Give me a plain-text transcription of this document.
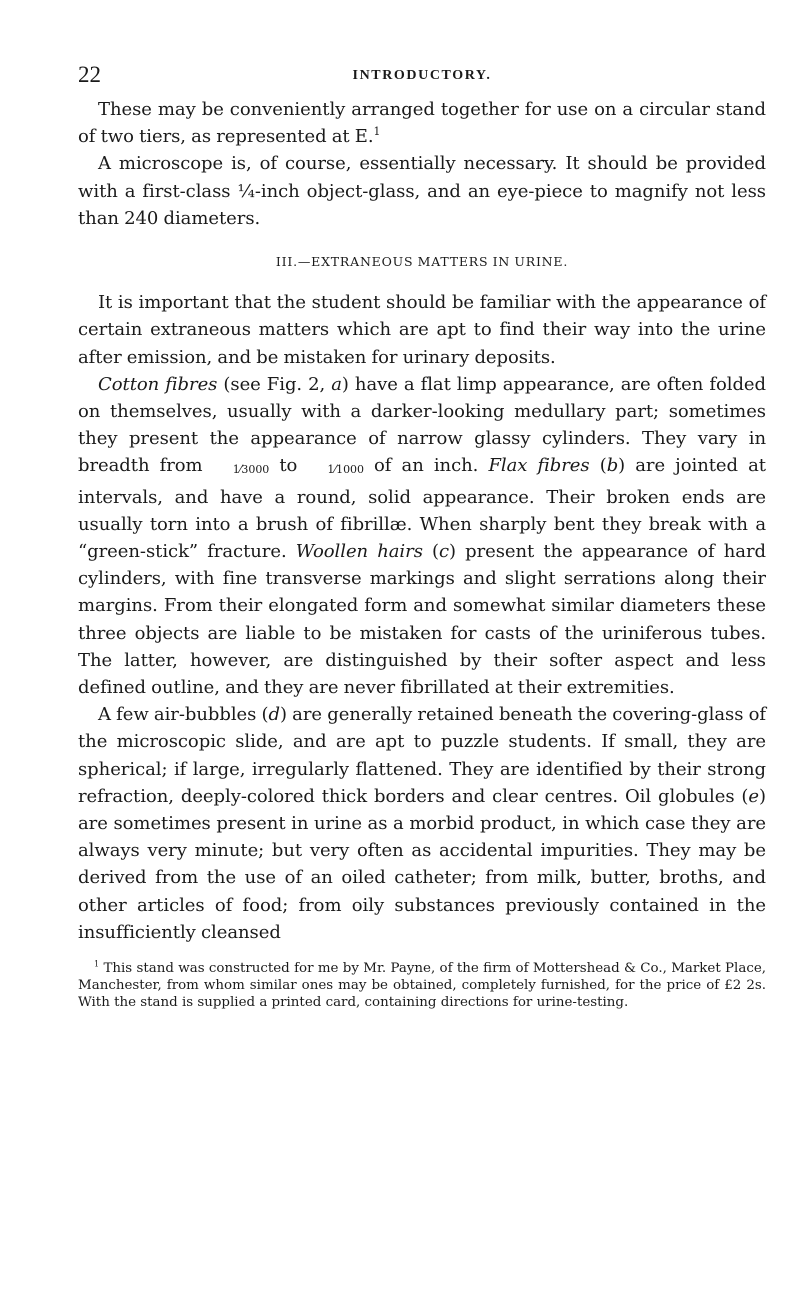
22	INTRODUCTORY.

These may be conveniently arranged together for use on a circular stand of two tiers, as represented at E.$^1$

A microscope is, of course, essentially necessary. It should be provided with a first-class ¼-inch object-glass, and an eye-piece to magnify not less than 240 diameters.

III.—EXTRANEOUS MATTERS IN URINE.

It is important that the student should be familiar with the appearance of certain extraneous matters which are apt to find their way into the urine after emission, and be mistaken for urinary deposits.

Cotton fibres (see Fig. 2, a) have a flat limp appearance, are often folded on themselves, usually with a darker-looking medullary part; sometimes they present the appearance of narrow glassy cylinders. They vary in breadth from 1⁄3000 to 1⁄1000 of an inch. Flax fibres (b) are jointed at intervals, and have a round, solid appearance. Their broken ends are usually torn into a brush of fibrillæ. When sharply bent they break with a “green-stick” fracture. Woollen hairs (c) present the appearance of hard cylinders, with fine transverse markings and slight serrations along their margins. From their elongated form and somewhat similar diameters these three objects are liable to be mistaken for casts of the uriniferous tubes. The latter, however, are distinguished by their softer aspect and less defined outline, and they are never fibrillated at their extremities.

A few air-bubbles (d) are generally retained beneath the covering-glass of the microscopic slide, and are apt to puzzle students. If small, they are spherical; if large, irregularly flattened. They are identified by their strong refraction, deeply-colored thick borders and clear centres. Oil globules (e) are sometimes present in urine as a morbid product, in which case they are always very minute; but very often as accidental impurities. They may be derived from the use of an oiled catheter; from milk, butter, broths, and other articles of food; from oily substances previously contained in the insufficiently cleansed

$^1$ This stand was constructed for me by Mr. Payne, of the firm of Mottershead & Co., Market Place, Manchester, from whom similar ones may be obtained, completely furnished, for the price of £2 2s. With the stand is supplied a printed card, containing directions for urine-testing.
